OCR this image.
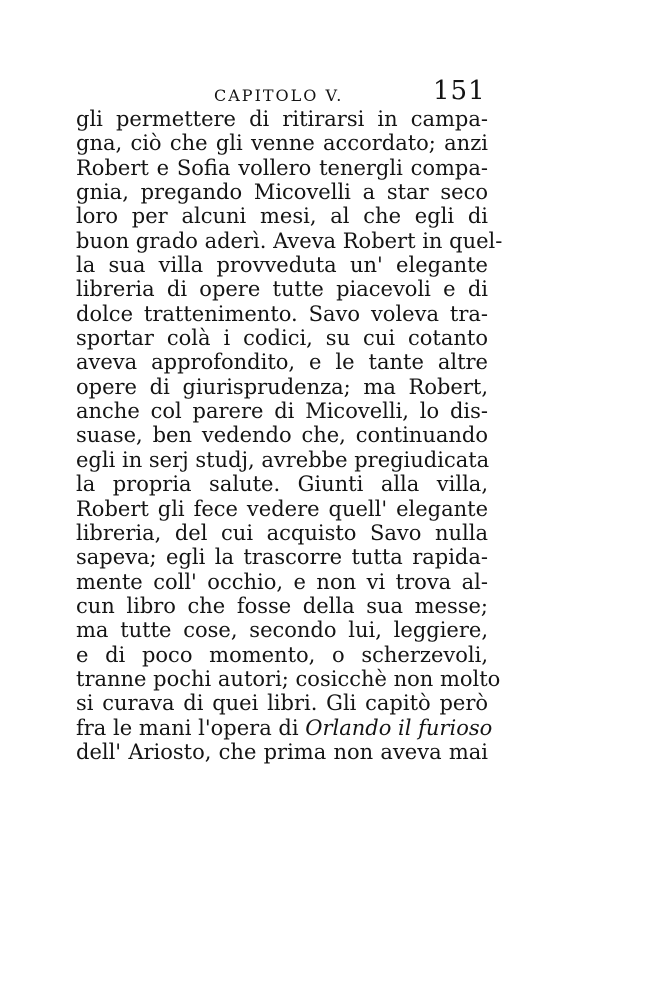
CAPITOLO V.	151
gli permettere di ritirarsi in campa-
gna, ciò che gli venne accordato; anzi
Robert e Sofia vollero tenergli compa-
gnia, pregando Micovelli a star seco
loro per alcuni mesi, al che egli di
buon grado aderì. Aveva Robert in quel-
la sua villa provveduta un' elegante
libreria di opere tutte piacevoli e di
dolce trattenimento. Savo voleva tra-
sportar colà i codici, su cui cotanto
aveva approfondito, e le tante altre
opere di giurisprudenza; ma Robert,
anche col parere di Micovelli, lo dis-
suase, ben vedendo che, continuando
egli in serj studj, avrebbe pregiudicata
la propria salute. Giunti alla villa,
Robert gli fece vedere quell' elegante
libreria, del cui acquisto Savo nulla
sapeva; egli la trascorre tutta rapida-
mente coll' occhio, e non vi trova al-
cun libro che fosse della sua messe;
ma tutte cose, secondo lui, leggiere,
e di poco momento, o scherzevoli,
tranne pochi autori; cosicchè non molto
si curava di quei libri. Gli capitò però
fra le mani l'opera di Orlando il furioso
dell' Ariosto, che prima non aveva mai
